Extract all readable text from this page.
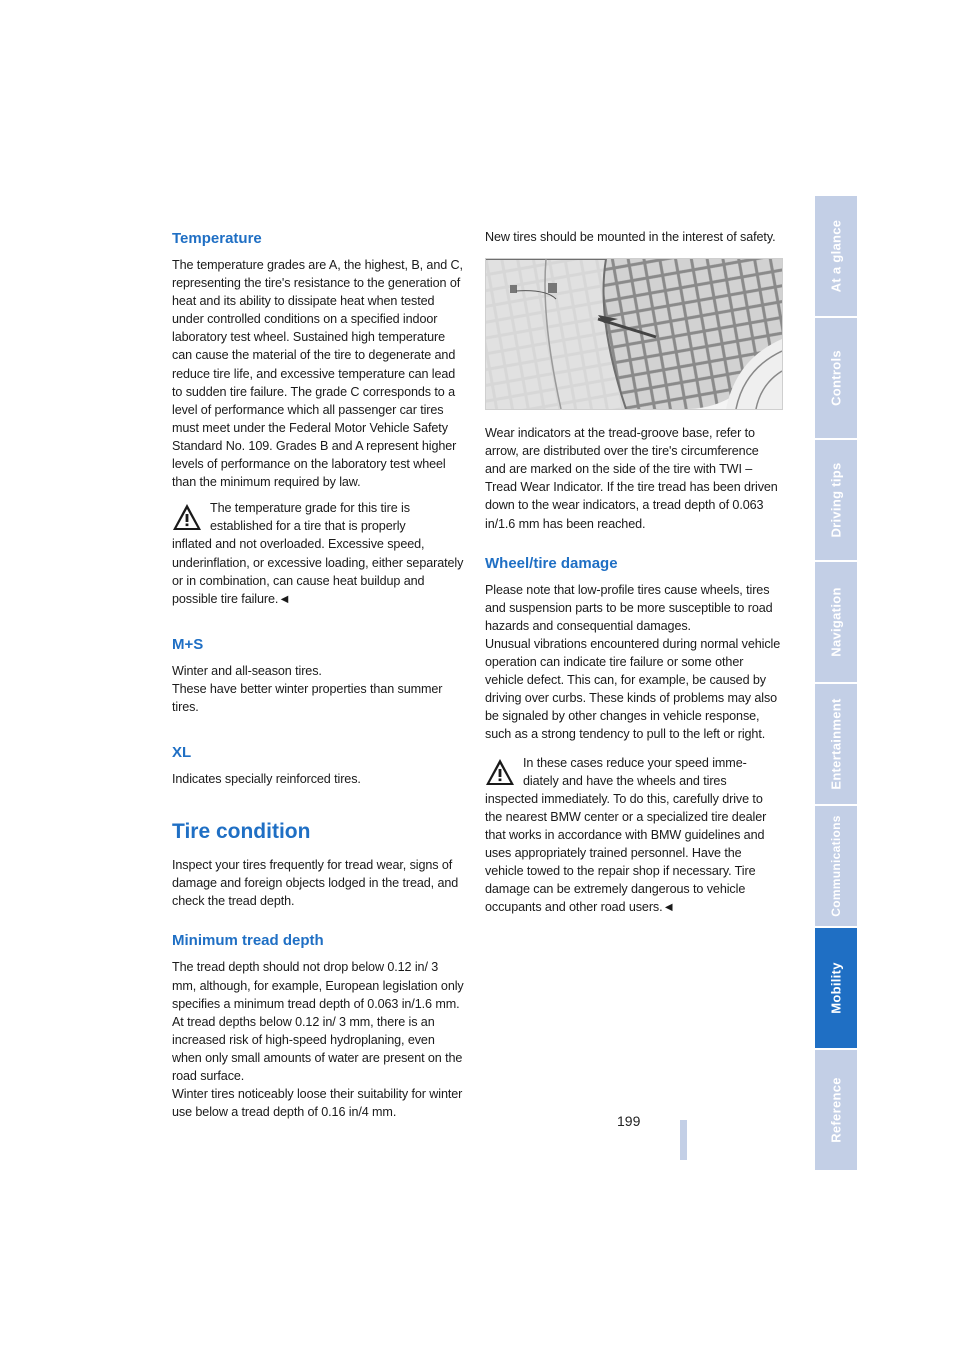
Temperature

The temperature grades are A, the highest, B, and C, representing the tire's resistance to the generation of heat and its ability to dissipate heat when tested under controlled conditions on a specified indoor laboratory test wheel. Sustained high temperature can cause the material of the tire to degenerate and reduce tire life, and excessive temperature can lead to sudden tire failure. The grade C corresponds to a level of performance which all passenger car tires must meet under the Federal Motor Vehicle Safety Standard No. 109. Grades B and A represent higher levels of performance on the laboratory test wheel than the minimum required by law.

The temperature grade for this tire is

established for a tire that is properly

inflated and not overloaded. Excessive speed, underinflation, or excessive loading, either separately or in combination, can cause heat buildup and possible tire failure.◄

M+S

Winter and all-season tires.

These have better winter properties than summer tires.

XL

Indicates specially reinforced tires.

Tire condition

Inspect your tires frequently for tread wear, signs of damage and foreign objects lodged in the tread, and check the tread depth.

Minimum tread depth

The tread depth should not drop below 0.12 in/ 3 mm, although, for example, European legislation only specifies a minimum tread depth of 0.063 in/1.6 mm. At tread depths below 0.12 in/ 3 mm, there is an increased risk of high-speed hydroplaning, even when only small amounts of water are present on the road surface.

Winter tires noticeably loose their suitability for winter use below a tread depth of 0.16 in/4 mm.

New tires should be mounted in the interest of safety.

Wear indicators at the tread-groove base, refer to arrow, are distributed over the tire's circumference and are marked on the side of the tire with TWI – Tread Wear Indicator. If the tire tread has been driven down to the wear indicators, a tread depth of 0.063 in/1.6 mm has been reached.

Wheel/tire damage

Please note that low-profile tires cause wheels, tires and suspension parts to be more susceptible to road hazards and consequential damages.

Unusual vibrations encountered during normal vehicle operation can indicate tire failure or some other vehicle defect. This can, for example, be caused by driving over curbs. These kinds of problems may also be signaled by other changes in vehicle response, such as a strong tendency to pull to the left or right.

In these cases reduce your speed imme-

diately and have the wheels and tires

inspected immediately. To do this, carefully drive to the nearest BMW center or a specialized tire dealer that works in accordance with BMW guidelines and uses appropriately trained personnel. Have the vehicle towed to the repair shop if necessary. Tire damage can be extremely dangerous to vehicle occupants and other road users.◄

At a glance
Controls
Driving tips
Navigation
Entertainment
Communications
Mobility
Reference
199
